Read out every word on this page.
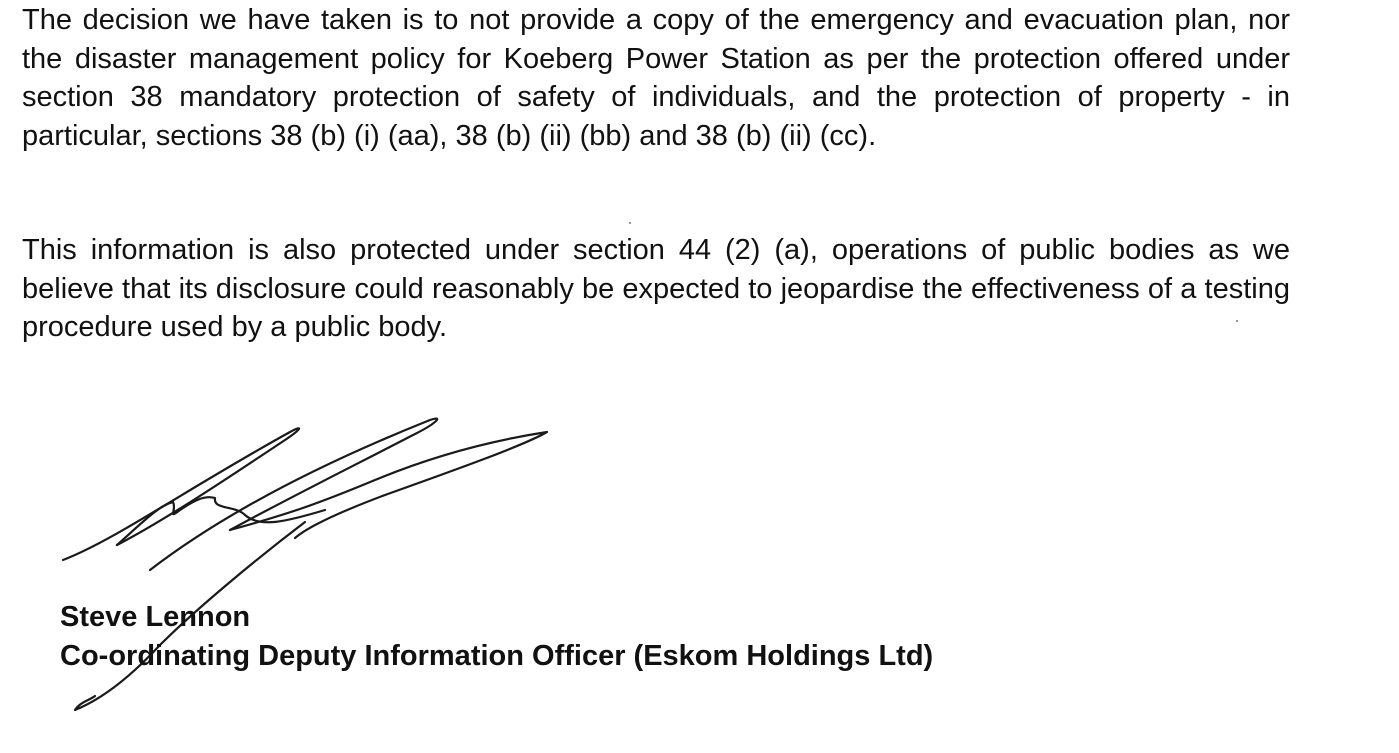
The decision we have taken is to not provide a copy of the emergency and evacuation plan, nor the disaster management policy for Koeberg Power Station as per the protection offered under section 38 mandatory protection of safety of individuals, and the protection of property - in particular, sections 38 (b) (i) (aa), 38 (b) (ii) (bb) and 38 (b) (ii) (cc).

This information is also protected under section 44 (2) (a), operations of public bodies as we believe that its disclosure could reasonably be expected to jeopardise the effectiveness of a testing procedure used by a public body.

Steve Lennon
Co-ordinating Deputy Information Officer (Eskom Holdings Ltd)
